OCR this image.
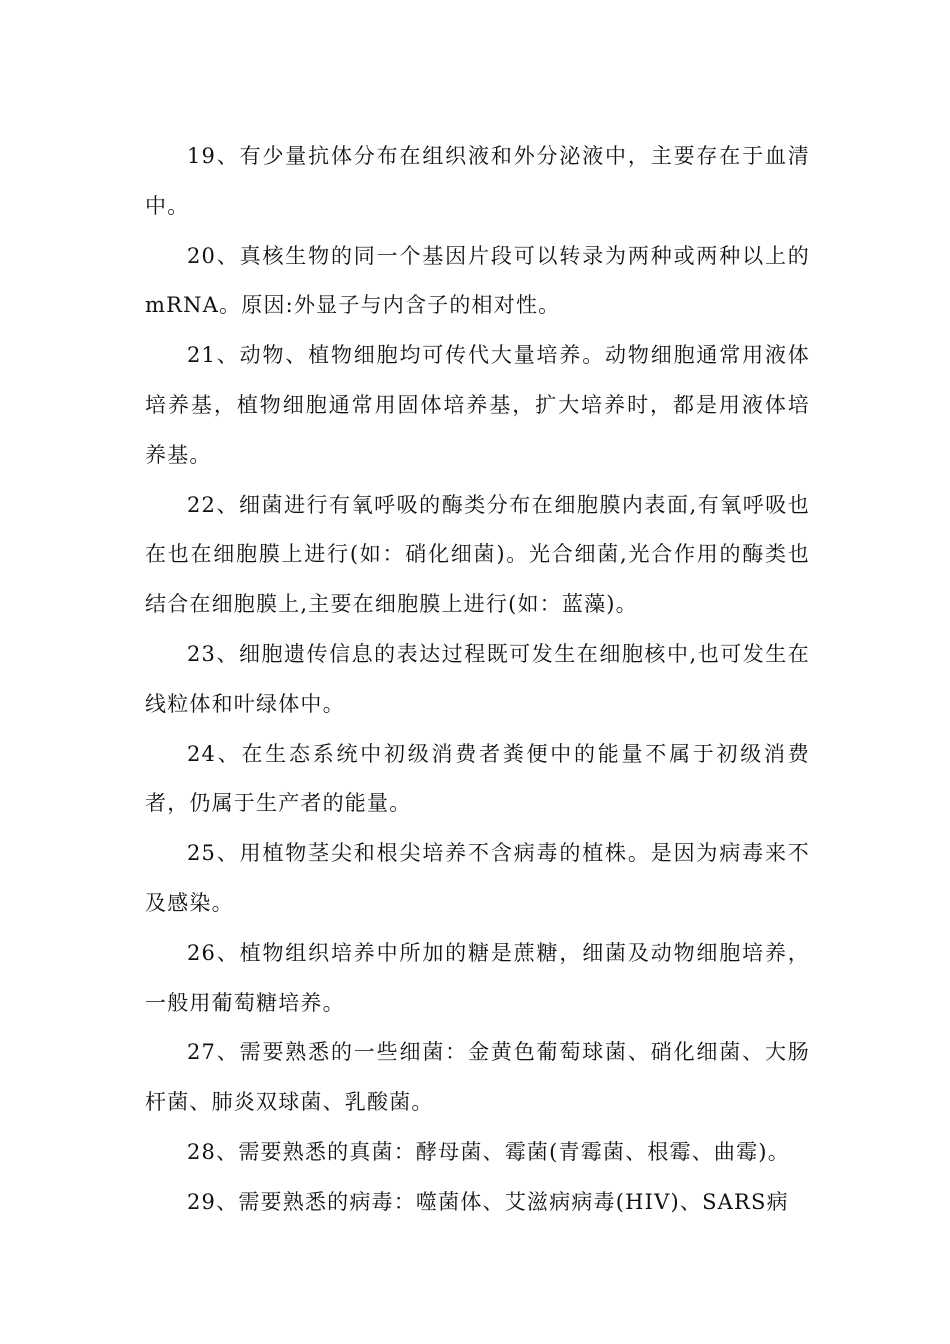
19、有少量抗体分布在组织液和外分泌液中，主要存在于血清中。

20、真核生物的同一个基因片段可以转录为两种或两种以上的mRNA。原因:外显子与内含子的相对性。

21、动物、植物细胞均可传代大量培养。动物细胞通常用液体培养基，植物细胞通常用固体培养基，扩大培养时，都是用液体培养基。

22、细菌进行有氧呼吸的酶类分布在细胞膜内表面,有氧呼吸也在也在细胞膜上进行(如：硝化细菌)。光合细菌,光合作用的酶类也结合在细胞膜上,主要在细胞膜上进行(如：蓝藻)。

23、细胞遗传信息的表达过程既可发生在细胞核中,也可发生在线粒体和叶绿体中。

24、在生态系统中初级消费者粪便中的能量不属于初级消费者，仍属于生产者的能量。

25、用植物茎尖和根尖培养不含病毒的植株。是因为病毒来不及感染。

26、植物组织培养中所加的糖是蔗糖，细菌及动物细胞培养，一般用葡萄糖培养。

27、需要熟悉的一些细菌：金黄色葡萄球菌、硝化细菌、大肠杆菌、肺炎双球菌、乳酸菌。

28、需要熟悉的真菌：酵母菌、霉菌(青霉菌、根霉、曲霉)。

29、需要熟悉的病毒：噬菌体、艾滋病病毒(HIV)、SARS病
